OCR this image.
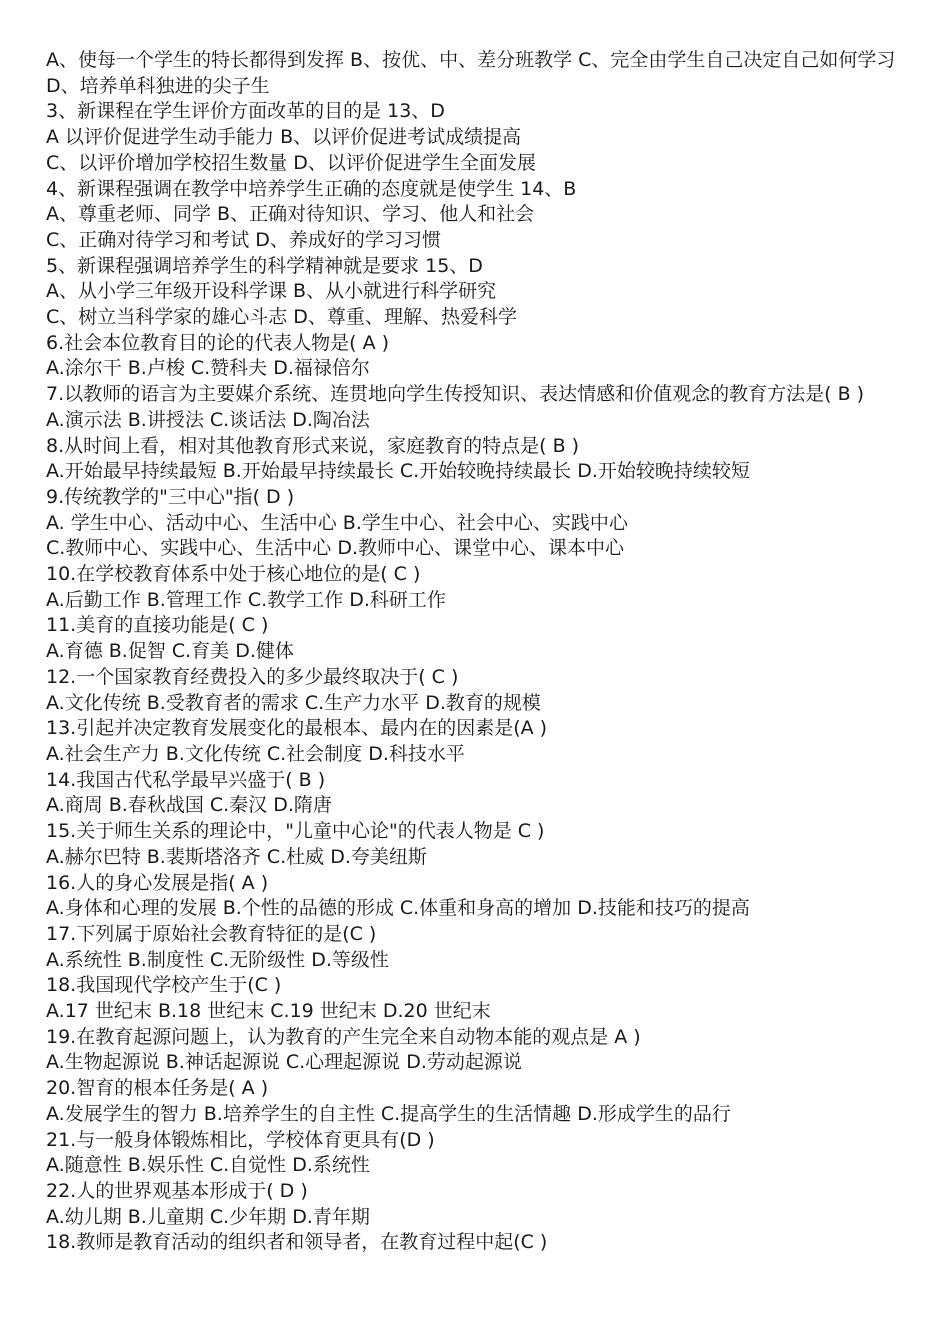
A、使每一个学生的特长都得到发挥 B、按优、中、差分班教学 C、完全由学生自己决定自己如何学习 D、培养单科独进的尖子生
3、新课程在学生评价方面改革的目的是 13、D
A 以评价促进学生动手能力 B、以评价促进考试成绩提高
C、以评价增加学校招生数量 D、以评价促进学生全面发展
4、新课程强调在教学中培养学生正确的态度就是使学生 14、B
A、尊重老师、同学 B、正确对待知识、学习、他人和社会
C、正确对待学习和考试 D、养成好的学习习惯
5、新课程强调培养学生的科学精神就是要求 15、D
A、从小学三年级开设科学课 B、从小就进行科学研究
C、树立当科学家的雄心斗志 D、尊重、理解、热爱科学
6.社会本位教育目的论的代表人物是( A )
A.涂尔干 B.卢梭 C.赞科夫 D.福禄倍尔
7.以教师的语言为主要媒介系统、连贯地向学生传授知识、表达情感和价值观念的教育方法是( B )
A.演示法 B.讲授法 C.谈话法 D.陶冶法
8.从时间上看，相对其他教育形式来说，家庭教育的特点是( B )
A.开始最早持续最短 B.开始最早持续最长 C.开始较晚持续最长 D.开始较晚持续较短
9.传统教学的"三中心"指( D )
A. 学生中心、活动中心、生活中心 B.学生中心、社会中心、实践中心
C.教师中心、实践中心、生活中心 D.教师中心、课堂中心、课本中心
10.在学校教育体系中处于核心地位的是( C )
A.后勤工作 B.管理工作 C.教学工作 D.科研工作
11.美育的直接功能是( C )
A.育德 B.促智 C.育美 D.健体
12.一个国家教育经费投入的多少最终取决于( C )
A.文化传统 B.受教育者的需求 C.生产力水平 D.教育的规模
13.引起并决定教育发展变化的最根本、最内在的因素是(A )
A.社会生产力 B.文化传统 C.社会制度 D.科技水平
14.我国古代私学最早兴盛于( B )
A.商周 B.春秋战国 C.秦汉 D.隋唐
15.关于师生关系的理论中，"儿童中心论"的代表人物是 C )
A.赫尔巴特 B.裴斯塔洛齐 C.杜威 D.夸美纽斯
16.人的身心发展是指( A )
A.身体和心理的发展 B.个性的品德的形成 C.体重和身高的增加 D.技能和技巧的提高
17.下列属于原始社会教育特征的是(C )
A.系统性 B.制度性 C.无阶级性 D.等级性
18.我国现代学校产生于(C )
A.17 世纪末 B.18 世纪末 C.19 世纪末 D.20 世纪末
19.在教育起源问题上，认为教育的产生完全来自动物本能的观点是 A )
A.生物起源说 B.神话起源说 C.心理起源说 D.劳动起源说
20.智育的根本任务是( A )
A.发展学生的智力 B.培养学生的自主性 C.提高学生的生活情趣 D.形成学生的品行
21.与一般身体锻炼相比，学校体育更具有(D )
A.随意性 B.娱乐性 C.自觉性 D.系统性
22.人的世界观基本形成于( D )
A.幼儿期 B.儿童期 C.少年期 D.青年期
18.教师是教育活动的组织者和领导者，在教育过程中起(C )
